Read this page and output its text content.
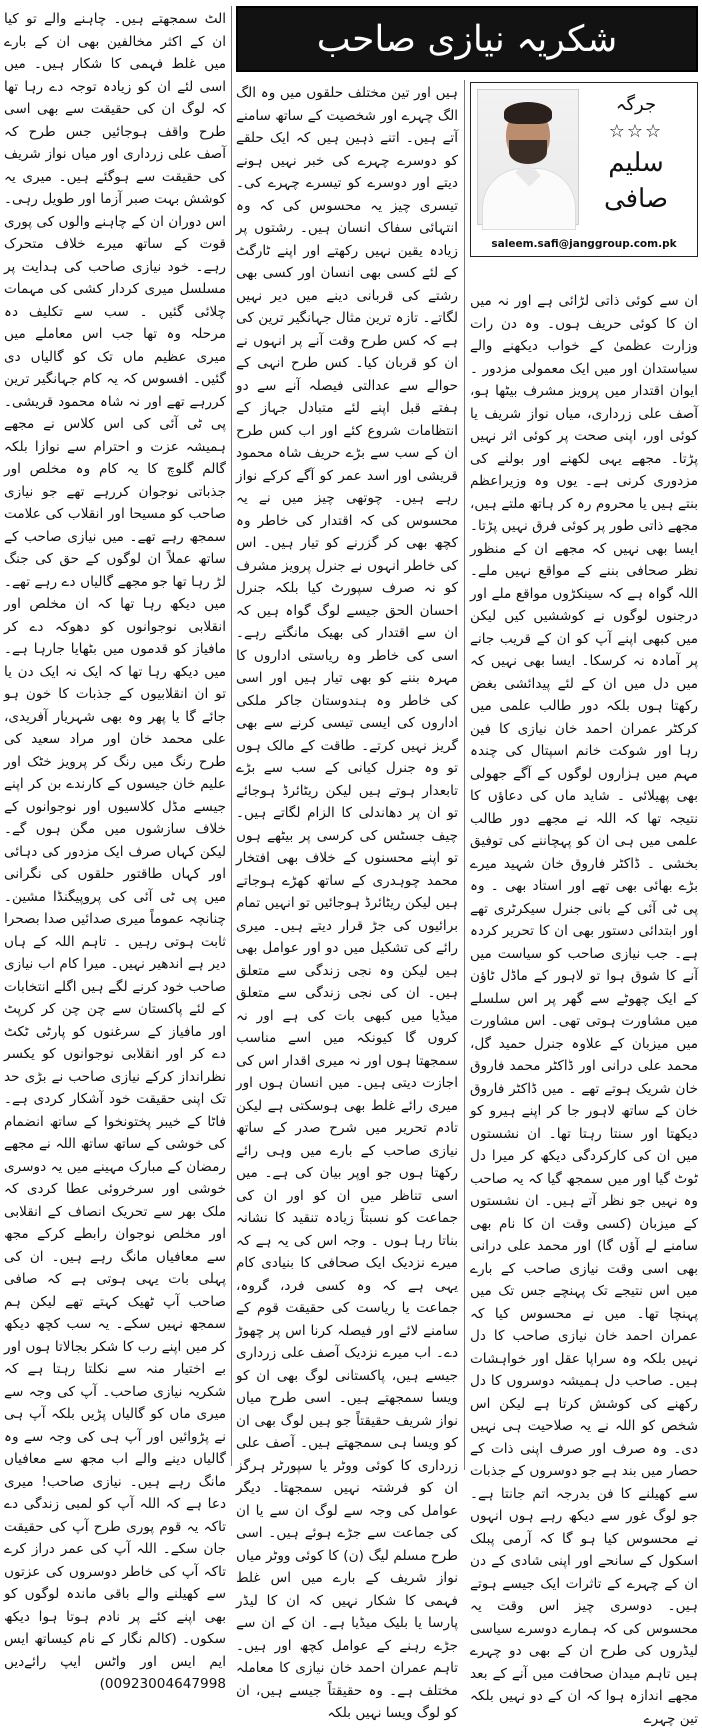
شکریہ نیازی صاحب
جرگہ
☆☆☆
سلیم صافی
saleem.safi@janggroup.com.pk

ان سے کوئی ذاتی لڑائی ہے اور نہ میں ان کا کوئی حریف ہوں۔ وہ دن رات وزارت عظمیٰ کے خواب دیکھنے والے سیاستدان اور میں ایک معمولی مزدور ۔ ایوان اقتدار میں پرویز مشرف بیٹھا ہو، آصف علی زرداری، میاں نواز شریف یا کوئی اور، اپنی صحت پر کوئی اثر نہیں پڑتا۔ مجھے یہی لکھنے اور بولنے کی مزدوری کرنی ہے۔ یوں وہ وزیراعظم بنتے ہیں یا محروم رہ کر ہاتھ ملتے ہیں، مجھے ذاتی طور پر کوئی فرق نہیں پڑتا۔ ایسا بھی نہیں کہ مجھے ان کے منظور نظر صحافی بننے کے مواقع نہیں ملے۔ اللہ گواہ ہے کہ سینکڑوں مواقع ملے اور درجنوں لوگوں نے کوششیں کیں لیکن میں کبھی اپنے آپ کو ان کے قریب جانے پر آمادہ نہ کرسکا۔ ایسا بھی نہیں کہ میں دل میں ان کے لئے پیدائشی بغض رکھتا ہوں بلکہ دور طالب علمی میں کرکٹر عمران احمد خان نیازی کا فین رہا اور شوکت خانم اسپتال کی چندہ مہم میں ہزاروں لوگوں کے آگے جھولی بھی پھیلائی ۔ شاید ماں کی دعاؤں کا نتیجہ تھا کہ اللہ نے مجھے دور طالب علمی میں ہی ان کو پہچاننے کی توفیق بخشی ۔ ڈاکٹر فاروق خان شہید میرے بڑے بھائی بھی تھے اور استاد بھی ۔ وہ پی ٹی آئی کے بانی جنرل سیکرٹری تھے اور ابتدائی دستور بھی ان کا تحریر کردہ ہے۔ جب نیازی صاحب کو سیاست میں آنے کا شوق ہوا تو لاہور کے ماڈل ٹاؤن کے ایک چھوٹے سے گھر پر اس سلسلے میں مشاورت ہوتی تھی۔ اس مشاورت میں میزبان کے علاوہ جنرل حمید گل، محمد علی درانی اور ڈاکٹر محمد فاروق خان شریک ہوتے تھے ۔ میں ڈاکٹر فاروق خان کے ساتھ لاہور جا کر اپنے ہیرو کو دیکھتا اور سنتا رہتا تھا۔ ان نشستوں میں ان کی کارکردگی دیکھ کر میرا دل ٹوٹ گیا اور میں سمجھ گیا کہ یہ صاحب وہ نہیں جو نظر آتے ہیں۔ ان نشستوں کے میزبان (کسی وقت ان کا نام بھی سامنے لے آؤں گا) اور محمد علی درانی بھی اسی وقت نیازی صاحب کے بارے میں اس نتیجے تک پہنچے جس تک میں پہنچا تھا۔ میں نے محسوس کیا کہ عمران احمد خان نیازی صاحب کا دل نہیں بلکہ وہ سراپا عقل اور خواہشات ہیں۔ صاحب دل ہمیشہ دوسروں کا دل رکھنے کی کوشش کرتا ہے لیکن اس شخص کو اللہ نے یہ صلاحیت ہی نہیں دی۔ وہ صرف اور صرف اپنی ذات کے حصار میں بند ہے جو دوسروں کے جذبات سے کھیلنے کا فن بدرجہ اتم جانتا ہے۔ جو لوگ غور سے دیکھ رہے ہوں انہوں نے محسوس کیا ہو گا کہ آرمی پبلک اسکول کے سانحے اور اپنی شادی کے دن ان کے چہرے کے تاثرات ایک جیسے ہوتے ہیں۔ دوسری چیز اس وقت یہ محسوس کی کہ ہمارے دوسرے سیاسی لیڈروں کی طرح ان کے بھی دو چہرے ہیں تاہم میدان صحافت میں آنے کے بعد مجھے اندازہ ہوا کہ ان کے دو نہیں بلکہ تین چہرے

ہیں اور تین مختلف حلقوں میں وہ الگ الگ چہرے اور شخصیت کے ساتھ سامنے آتے ہیں۔ اتنے ذہین ہیں کہ ایک حلقے کو دوسرے چہرے کی خبر نہیں ہونے دیتے اور دوسرے کو تیسرے چہرے کی۔ تیسری چیز یہ محسوس کی کہ وہ انتہائی سفاک انسان ہیں۔ رشتوں پر زیادہ یقین نہیں رکھتے اور اپنے ٹارگٹ کے لئے کسی بھی انسان اور کسی بھی رشتے کی قربانی دینے میں دیر نہیں لگاتے۔ تازہ ترین مثال جہانگیر ترین کی ہے کہ کس طرح وقت آنے پر انہوں نے ان کو قربان کیا۔ کس طرح انہی کے حوالے سے عدالتی فیصلہ آنے سے دو ہفتے قبل اپنے لئے متبادل جہاز کے انتظامات شروع کئے اور اب کس طرح ان کے سب سے بڑے حریف شاہ محمود قریشی اور اسد عمر کو آگے کرکے نواز رہے ہیں۔ چوتھی چیز میں نے یہ محسوس کی کہ اقتدار کی خاطر وہ کچھ بھی کر گزرنے کو تیار ہیں۔ اس کی خاطر انہوں نے جنرل پرویز مشرف کو نہ صرف سپورٹ کیا بلکہ جنرل احسان الحق جیسے لوگ گواہ ہیں کہ ان سے اقتدار کی بھیک مانگتے رہے۔ اسی کی خاطر وہ ریاستی اداروں کا مہرہ بننے کو بھی تیار ہیں اور اسی کی خاطر وہ ہندوستان جاکر ملکی اداروں کی ایسی تیسی کرنے سے بھی گریز نہیں کرتے۔ طاقت کے مالک ہوں تو وہ جنرل کیانی کے سب سے بڑے تابعدار ہوتے ہیں لیکن ریٹائرڈ ہوجائے تو ان پر دھاندلی کا الزام لگاتے ہیں۔ چیف جسٹس کی کرسی پر بیٹھے ہوں تو اپنے محسنوں کے خلاف بھی افتخار محمد چوہدری کے ساتھ کھڑے ہوجاتے ہیں لیکن ریٹائرڈ ہوجائیں تو انہیں تمام برائیوں کی جڑ قرار دیتے ہیں۔ میری رائے کی تشکیل میں دو اور عوامل بھی ہیں لیکن وہ نجی زندگی سے متعلق ہیں۔ ان کی نجی زندگی سے متعلق میڈیا میں کبھی بات کی ہے اور نہ کروں گا کیونکہ میں اسے مناسب سمجھتا ہوں اور نہ میری اقدار اس کی اجازت دیتی ہیں۔ میں انسان ہوں اور میری رائے غلط بھی ہوسکتی ہے لیکن تادم تحریر میں شرح صدر کے ساتھ نیازی صاحب کے بارے میں وہی رائے رکھتا ہوں جو اوپر بیان کی ہے۔ میں اسی تناظر میں ان کو اور ان کی جماعت کو نسبتاً زیادہ تنقید کا نشانہ بناتا رہا ہوں ۔ وجہ اس کی یہ ہے کہ میرے نزدیک ایک صحافی کا بنیادی کام یہی ہے کہ وہ کسی فرد، گروہ، جماعت یا ریاست کی حقیقت قوم کے سامنے لائے اور فیصلہ کرنا اس پر چھوڑ دے۔ اب میرے نزدیک آصف علی زرداری جیسے ہیں، پاکستانی لوگ بھی ان کو ویسا سمجھتے ہیں۔ اسی طرح میاں نواز شریف حقیقتاً جو ہیں لوگ بھی ان کو ویسا ہی سمجھتے ہیں۔ آصف علی زرداری کا کوئی ووٹر یا سپورٹر ہرگز ان کو فرشتہ نہیں سمجھتا۔ دیگر عوامل کی وجہ سے لوگ ان سے یا ان کی جماعت سے جڑے ہوئے ہیں۔ اسی طرح مسلم لیگ (ن) کا کوئی ووٹر میاں نواز شریف کے بارے میں اس غلط فہمی کا شکار نہیں کہ ان کا لیڈر پارسا یا بلیک میڈیا ہے۔ ان کے ان سے جڑے رہنے کے عوامل کچھ اور ہیں۔ تاہم عمران احمد خان نیازی کا معاملہ مختلف ہے۔ وہ حقیقتاً جیسے ہیں، ان کو لوگ ویسا نہیں بلکہ

الٹ سمجھتے ہیں۔ چاہنے والے تو کیا ان کے اکثر مخالفین بھی ان کے بارے میں غلط فہمی کا شکار ہیں۔ میں اسی لئے ان کو زیادہ توجہ دے رہا تھا کہ لوگ ان کی حقیقت سے بھی اسی طرح واقف ہوجائیں جس طرح کہ آصف علی زرداری اور میاں نواز شریف کی حقیقت سے ہوگئے ہیں۔ میری یہ کوشش بہت صبر آزما اور طویل رہی۔ اس دوران ان کے چاہنے والوں کی پوری قوت کے ساتھ میرے خلاف متحرک رہے۔ خود نیازی صاحب کی ہدایت پر مسلسل میری کردار کشی کی مہمات چلائی گئیں ۔ سب سے تکلیف دہ مرحلہ وہ تھا جب اس معاملے میں میری عظیم ماں تک کو گالیاں دی گئیں۔ افسوس کہ یہ کام جہانگیر ترین کررہے تھے اور نہ شاہ محمود قریشی۔ پی ٹی آئی کی اس کلاس نے مجھے ہمیشہ عزت و احترام سے نوازا بلکہ گالم گلوچ کا یہ کام وہ مخلص اور جذباتی نوجوان کررہے تھے جو نیازی صاحب کو مسیحا اور انقلاب کی علامت سمجھ رہے تھے۔ میں نیازی صاحب کے ساتھ عملاً ان لوگوں کے حق کی جنگ لڑ رہا تھا جو مجھے گالیاں دے رہے تھے۔ میں دیکھ رہا تھا کہ ان مخلص اور انقلابی نوجوانوں کو دھوکہ دے کر مافیاز کو قدموں میں بٹھایا جارہا ہے۔ میں دیکھ رہا تھا کہ ایک نہ ایک دن یا تو ان انقلابیوں کے جذبات کا خون ہو جائے گا یا پھر وہ بھی شہریار آفریدی، علی محمد خان اور مراد سعید کی طرح رنگ میں رنگ کر پرویز خٹک اور علیم خان جیسوں کے کارندے بن کر اپنے جیسے مڈل کلاسیوں اور نوجوانوں کے خلاف سازشوں میں مگن ہوں گے۔ لیکن کہاں صرف ایک مزدور کی دہائی اور کہاں طاقتور حلقوں کی نگرانی میں پی ٹی آئی کی پروپیگنڈا مشین۔ چنانچہ عموماً میری صدائیں صدا بصحرا ثابت ہوتی رہیں ۔ تاہم اللہ کے ہاں دیر ہے اندھیر نہیں۔ میرا کام اب نیازی صاحب خود کرنے لگے ہیں اگلے انتخابات کے لئے پاکستان سے چن چن کر کرپٹ اور مافیاز کے سرغنوں کو پارٹی ٹکٹ دے کر اور انقلابی نوجوانوں کو یکسر نظرانداز کرکے نیازی صاحب نے بڑی حد تک اپنی حقیقت خود آشکار کردی ہے۔ فاٹا کے خیبر پختونخوا کے ساتھ انضمام کی خوشی کے ساتھ ساتھ اللہ نے مجھے رمضان کے مبارک مہینے میں یہ دوسری خوشی اور سرخروئی عطا کردی کہ ملک بھر سے تحریک انصاف کے انقلابی اور مخلص نوجوان رابطے کرکے مجھ سے معافیاں مانگ رہے ہیں۔ ان کی پہلی بات یہی ہوتی ہے کہ صافی صاحب آپ ٹھیک کہتے تھے لیکن ہم سمجھ نہیں سکے۔ یہ سب کچھ دیکھ کر میں اپنے رب کا شکر بجالاتا ہوں اور بے اختیار منہ سے نکلتا رہتا ہے کہ شکریہ نیازی صاحب۔ آپ کی وجہ سے میری ماں کو گالیاں پڑیں بلکہ آپ ہی نے پڑوائیں اور آپ ہی کی وجہ سے وہ گالیاں دینے والے اب مجھ سے معافیاں مانگ رہے ہیں۔ نیازی صاحب! میری دعا ہے کہ اللہ آپ کو لمبی زندگی دے تاکہ یہ قوم پوری طرح آپ کی حقیقت جان سکے۔ اللہ آپ کی عمر دراز کرے تاکہ آپ کی خاطر دوسروں کی عزتوں سے کھیلنے والے باقی ماندہ لوگوں کو بھی اپنے کئے پر نادم ہوتا ہوا دیکھ سکوں۔ (کالم نگار کے نام کیساتھ ایس ایم ایس اور واٹس ایپ رائےدیں 00923004647998)
